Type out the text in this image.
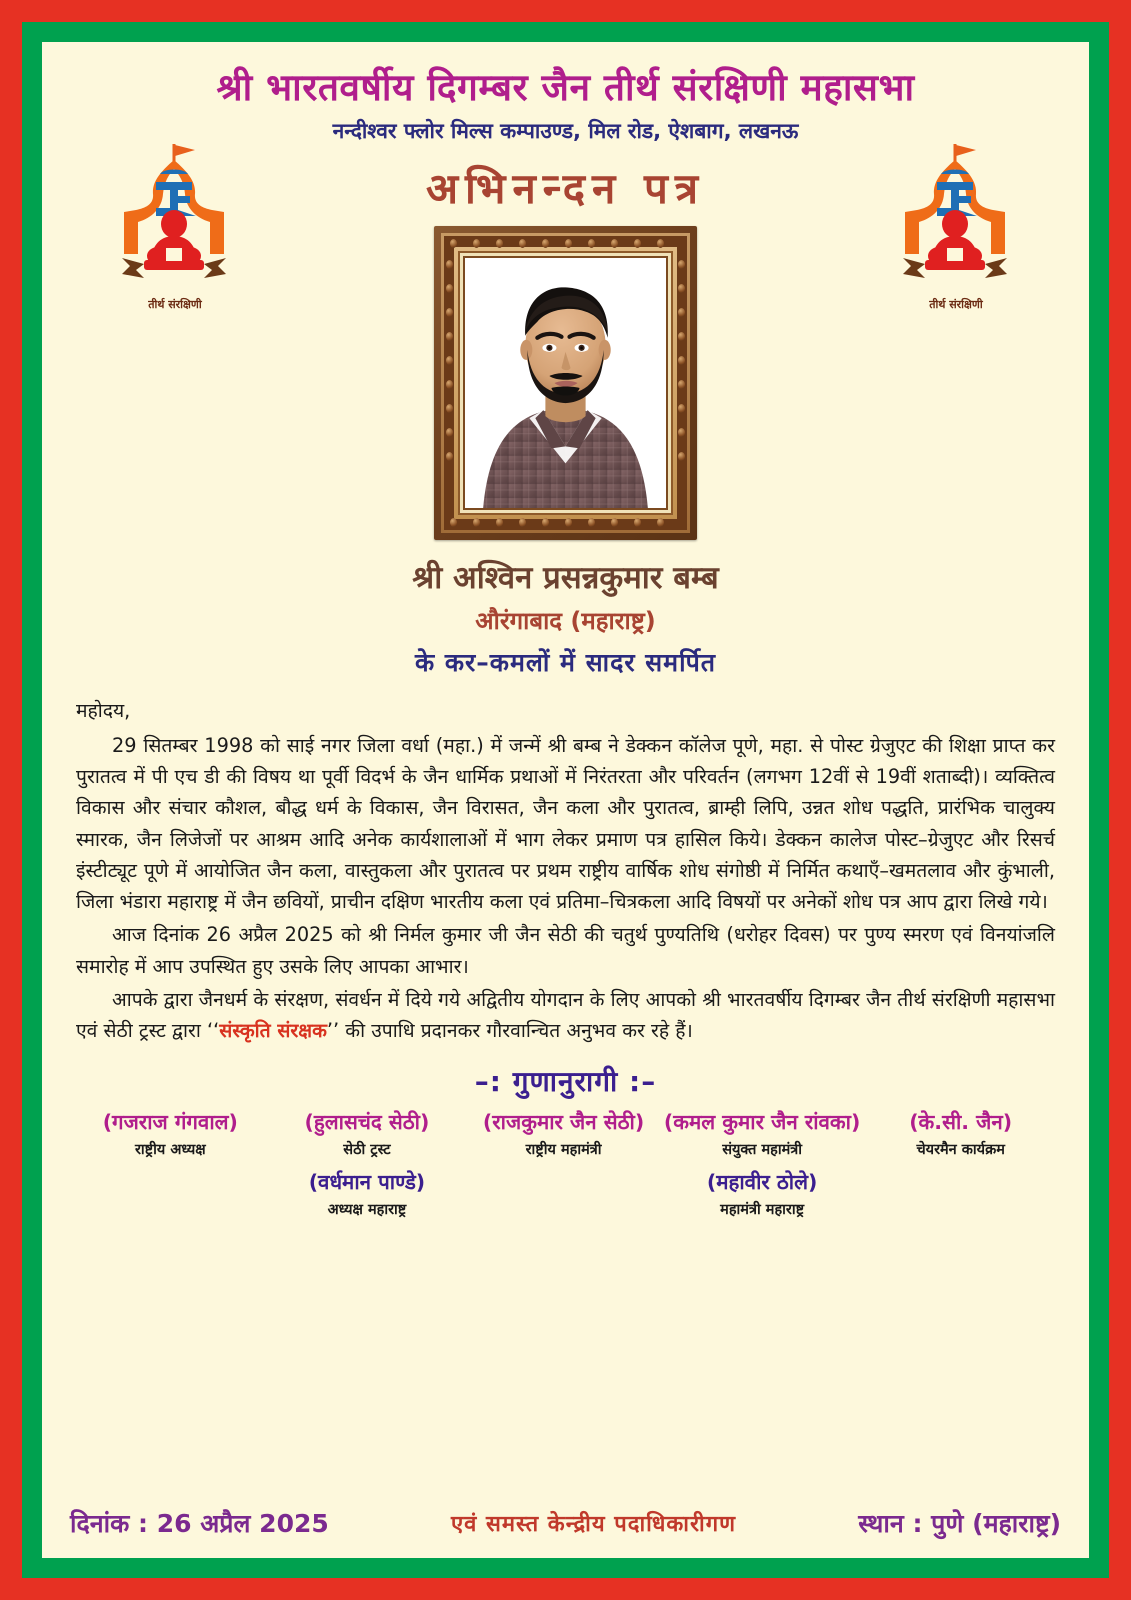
तीर्थ संरक्षिणी	तीर्थ संरक्षिणी
श्री भारतवर्षीय दिगम्बर जैन तीर्थ संरक्षिणी महासभा
नन्दीश्वर फ्लोर मिल्स कम्पाउण्ड, मिल रोड, ऐशबाग, लखनऊ
अभिनन्दन पत्र
श्री अश्विन प्रसन्नकुमार बम्ब
औरंगाबाद (महाराष्ट्र)
के कर–कमलों में सादर समर्पित

महोदय,

29 सितम्बर 1998 को साई नगर जिला वर्धा (महा.) में जन्में श्री बम्ब ने डेक्कन कॉलेज पूणे, महा. से पोस्ट ग्रेजुएट की शिक्षा प्राप्त कर पुरातत्व में पी एच डी की विषय था पूर्वी विदर्भ के जैन धार्मिक प्रथाओं में निरंतरता और परिवर्तन (लगभग 12वीं से 19वीं शताब्दी)। व्यक्तित्व विकास और संचार कौशल, बौद्ध धर्म के विकास, जैन विरासत, जैन कला और पुरातत्व, ब्राम्ही लिपि, उन्नत शोध पद्धति, प्रारंभिक चालुक्य स्मारक, जैन लिजेजों पर आश्रम आदि अनेक कार्यशालाओं में भाग लेकर प्रमाण पत्र हासिल किये। डेक्कन कालेज पोस्ट–ग्रेजुएट और रिसर्च इंस्टीट्यूट पूणे में आयोजित जैन कला, वास्तुकला और पुरातत्व पर प्रथम राष्ट्रीय वार्षिक शोध संगोष्ठी में निर्मित कथाएँ–खमतलाव और कुंभाली, जिला भंडारा महाराष्ट्र में जैन छवियों, प्राचीन दक्षिण भारतीय कला एवं प्रतिमा–चित्रकला आदि विषयों पर अनेकों शोध पत्र आप द्वारा लिखे गये।

आज दिनांक 26 अप्रैल 2025 को श्री निर्मल कुमार जी जैन सेठी की चतुर्थ पुण्यतिथि (धरोहर दिवस) पर पुण्य स्मरण एवं विनयांजलि समारोह में आप उपस्थित हुए उसके लिए आपका आभार।

आपके द्वारा जैनधर्म के संरक्षण, संवर्धन में दिये गये अद्वितीय योगदान के लिए आपको श्री भारतवर्षीय दिगम्बर जैन तीर्थ संरक्षिणी महासभा एवं सेठी ट्रस्ट द्वारा ‘‘संस्कृति संरक्षक’’ की उपाधि प्रदानकर गौरवान्चित अनुभव कर रहे हैं।

–: गुणानुरागी :–
(गजराज गंगवाल)
राष्ट्रीय अध्यक्ष
(हुलासचंद सेठी)
सेठी ट्रस्ट
(वर्धमान पाण्डे)
अध्यक्ष महाराष्ट्र
(राजकुमार जैन सेठी)
राष्ट्रीय महामंत्री
(कमल कुमार जैन रांवका)
संयुक्त महामंत्री
(महावीर ठोले)
महामंत्री महाराष्ट्र
(के.सी. जैन)
चेयरमैन कार्यक्रम
दिनांक : 26 अप्रैल 2025	एवं समस्त केन्द्रीय पदाधिकारीगण	स्थान : पुणे (महाराष्ट्र)
